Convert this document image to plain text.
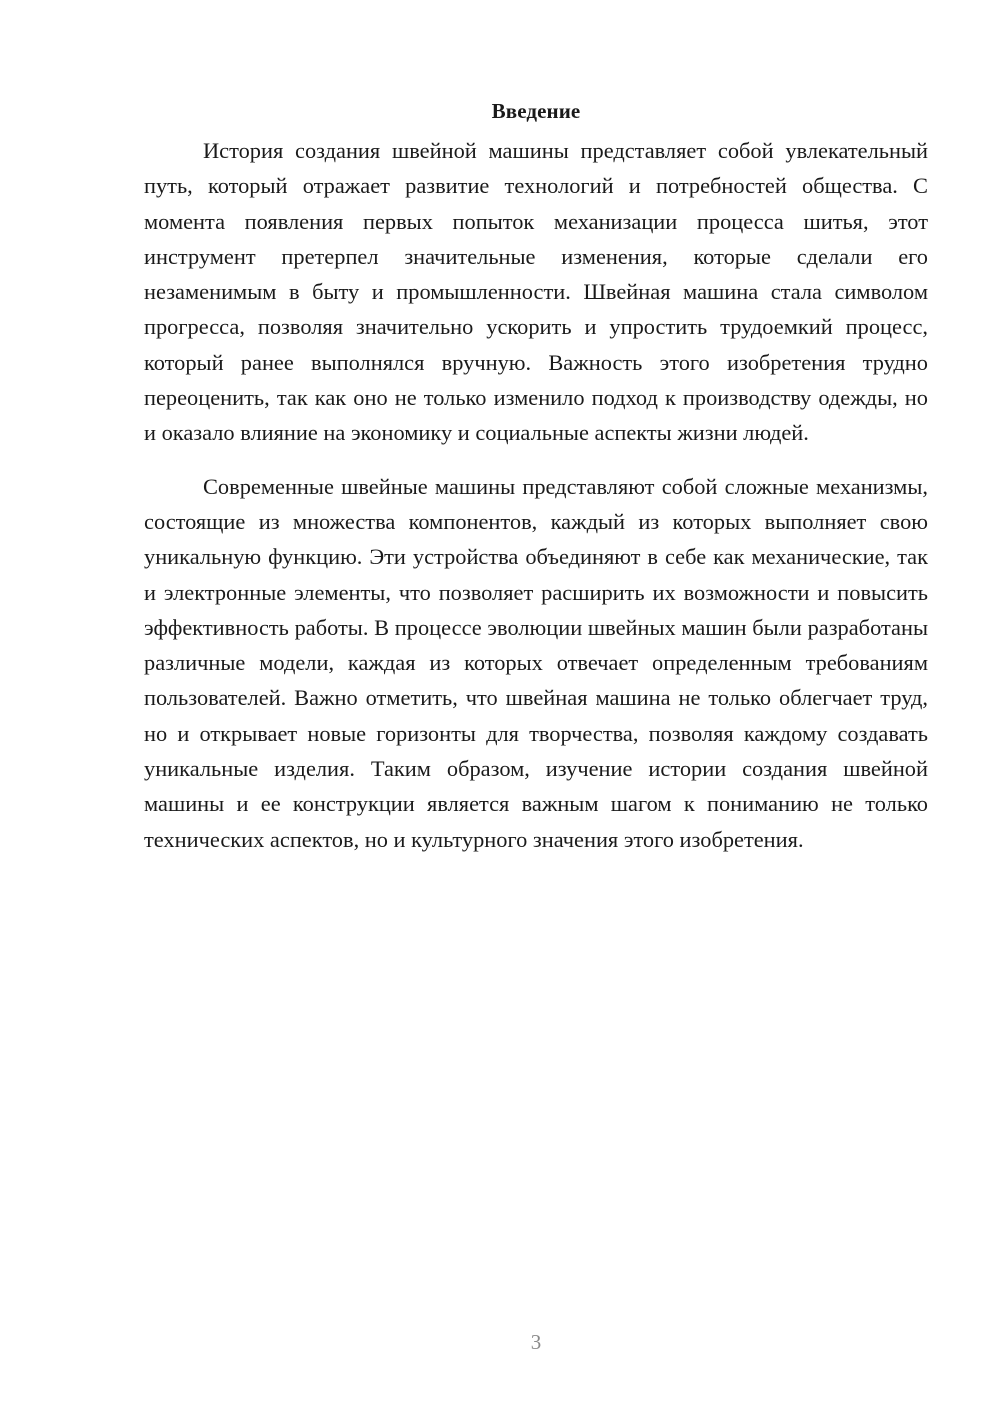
Введение

История создания швейной машины представляет собой увлекательный путь, который отражает развитие технологий и потребностей общества. С момента появления первых попыток механизации процесса шитья, этот инструмент претерпел значительные изменения, которые сделали его незаменимым в быту и промышленности. Швейная машина стала символом прогресса, позволяя значительно ускорить и упростить трудоемкий процесс, который ранее выполнялся вручную. Важность этого изобретения трудно переоценить, так как оно не только изменило подход к производству одежды, но и оказало влияние на экономику и социальные аспекты жизни людей.

Современные швейные машины представляют собой сложные механизмы, состоящие из множества компонентов, каждый из которых выполняет свою уникальную функцию. Эти устройства объединяют в себе как механические, так и электронные элементы, что позволяет расширить их возможности и повысить эффективность работы. В процессе эволюции швейных машин были разработаны различные модели, каждая из которых отвечает определенным требованиям пользователей. Важно отметить, что швейная машина не только облегчает труд, но и открывает новые горизонты для творчества, позволяя каждому создавать уникальные изделия. Таким образом, изучение истории создания швейной машины и ее конструкции является важным шагом к пониманию не только технических аспектов, но и культурного значения этого изобретения.

3
